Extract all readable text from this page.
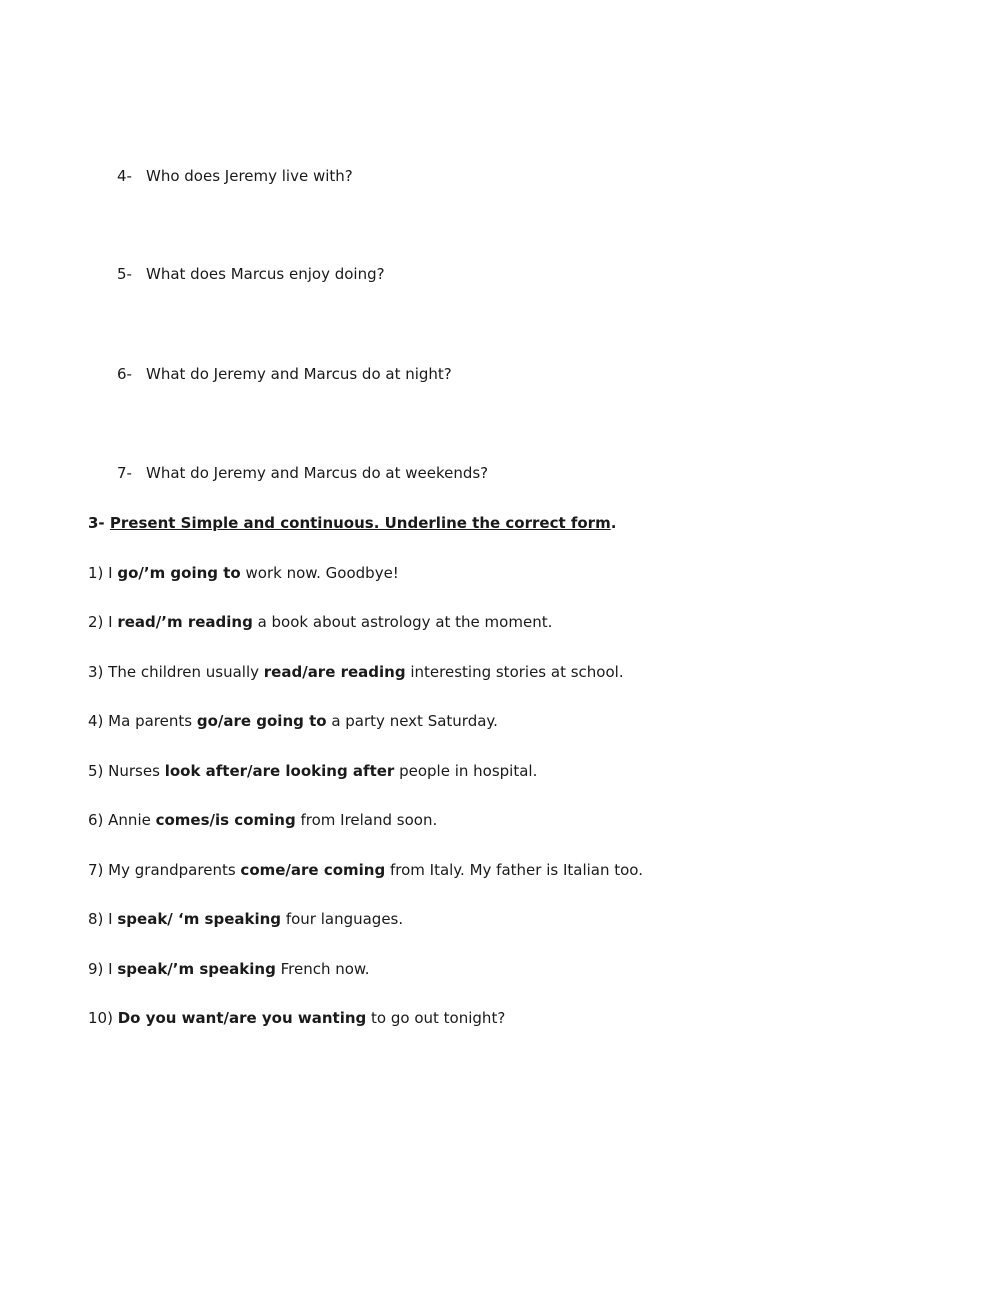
4- Who does Jeremy live with?
5- What does Marcus enjoy doing?
6- What do Jeremy and Marcus do at night?
7- What do Jeremy and Marcus do at weekends?
3- Present Simple and continuous. Underline the correct form.
1) I go/’m going to work now. Goodbye!
2) I read/’m reading a book about astrology at the moment.
3) The children usually read/are reading interesting stories at school.
4) Ma parents go/are going to a party next Saturday.
5) Nurses look after/are looking after people in hospital.
6) Annie comes/is coming from Ireland soon.
7) My grandparents come/are coming from Italy. My father is Italian too.
8) I speak/ ‘m speaking four languages.
9) I speak/’m speaking French now.
10) Do you want/are you wanting to go out tonight?
